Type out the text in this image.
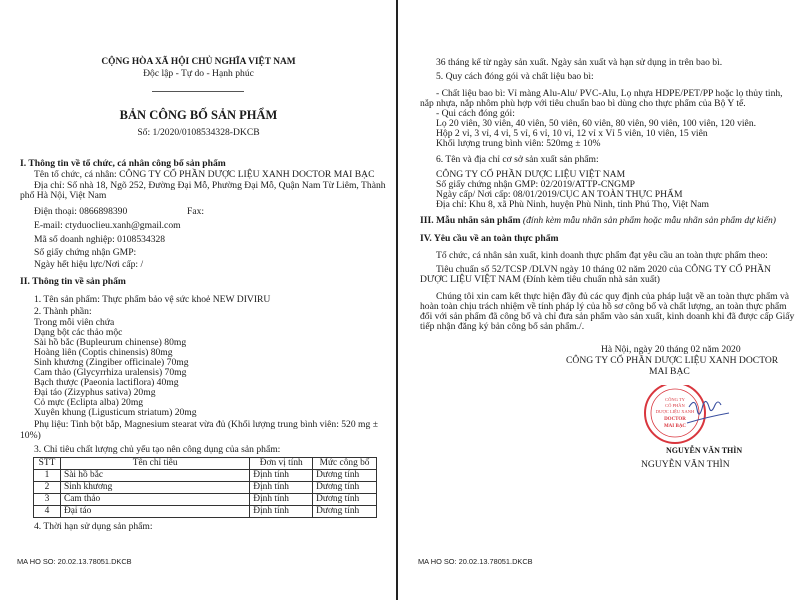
CỘNG HÒA XÃ HỘI CHỦ NGHĨA VIỆT NAM
Độc lập - Tự do - Hạnh phúc
BẢN CÔNG BỐ SẢN PHẨM
Số: 1/2020/0108534328-DKCB
I. Thông tin về tổ chức, cá nhân công bố sản phẩm
Tên tổ chức, cá nhân: CÔNG TY CỔ PHẦN DƯỢC LIỆU XANH DOCTOR MAI BẠC
Địa chỉ: Số nhà 18, Ngõ 252, Đường Đại Mỗ, Phường Đại Mỗ, Quận Nam Từ Liêm, Thành
phố Hà Nội, Việt Nam
Điện thoại: 0866898390	Fax:
E-mail: ctyduoclieu.xanh@gmail.com
Mã số doanh nghiệp: 0108534328
Số giấy chứng nhận GMP:
Ngày hết hiệu lực/Nơi cấp: /
II. Thông tin về sản phẩm
1. Tên sản phẩm: Thực phẩm bảo vệ sức khoẻ NEW DIVIRU
2. Thành phần:
Trong mỗi viên chứa
Dạng bột các thảo mộc
Sài hồ bắc (Bupleurum chinense) 80mg
Hoàng liên (Coptis chinensis) 80mg
Sinh khương (Zingiber officinale) 70mg
Cam thảo (Glycyrrhiza uralensis) 70mg
Bạch thược (Paeonia lactiflora) 40mg
Đại táo (Zizyphus sativa) 20mg
Cỏ mực (Eclipta alba) 20mg
Xuyên khung (Ligusticum striatum) 20mg
Phụ liệu: Tinh bột bắp, Magnesium stearat vừa đủ (Khối lượng trung bình viên: 520 mg ±
10%)
3. Chỉ tiêu chất lượng chủ yếu tạo nên công dụng của sản phẩm:
STT	Tên chỉ tiêu	Đơn vị tính	Mức công bố
1	Sài hồ bắc	Định tính	Dương tính
2	Sinh khương	Định tính	Dương tính
3	Cam thảo	Định tính	Dương tính
4	Đại táo	Định tính	Dương tính
4. Thời hạn sử dụng sản phẩm:
MA HO SO: 20.02.13.78051.DKCB
36 tháng kể từ ngày sản xuất. Ngày sản xuất và hạn sử dụng in trên bao bì.
5. Quy cách đóng gói và chất liệu bao bì:
- Chất liệu bao bì: Vỉ màng Alu-Alu/ PVC-Alu, Lọ nhựa HDPE/PET/PP hoặc lọ thủy tinh,
nắp nhựa, nắp nhôm phù hợp với tiêu chuẩn bao bì dùng cho thực phẩm của Bộ Y tế.
- Qui cách đóng gói:
Lọ 20 viên, 30 viên, 40 viên, 50 viên, 60 viên, 80 viên, 90 viên, 100 viên, 120 viên.
Hộp 2 vỉ, 3 vỉ, 4 vỉ, 5 vỉ, 6 vỉ, 10 vỉ, 12 vỉ x Vỉ 5 viên, 10 viên, 15 viên
Khối lượng trung bình viên: 520mg ± 10%
6. Tên và địa chỉ cơ sở sản xuất sản phẩm:
CÔNG TY CỔ PHẦN DƯỢC LIỆU VIỆT NAM
Số giấy chứng nhận GMP: 02/2019/ATTP-CNGMP
Ngày cấp/ Nơi cấp: 08/01/2019/CỤC AN TOÀN THỰC PHẨM
Địa chỉ: Khu 8, xã Phù Ninh, huyện Phù Ninh, tỉnh Phú Thọ, Việt Nam
III. Mẫu nhãn sản phẩm (đính kèm mẫu nhãn sản phẩm hoặc mẫu nhãn sản phẩm dự kiến)
IV. Yêu cầu về an toàn thực phẩm
Tổ chức, cá nhân sản xuất, kinh doanh thực phẩm đạt yêu cầu an toàn thực phẩm theo:
Tiêu chuẩn số 52/TCSP /DLVN ngày 10 tháng 02 năm 2020 của CÔNG TY CỔ PHẦN
DƯỢC LIỆU VIỆT NAM (Đính kèm tiêu chuẩn nhà sản xuất)
Chúng tôi xin cam kết thực hiện đầy đủ các quy định của pháp luật về an toàn thực phẩm và
hoàn toàn chịu trách nhiệm về tính pháp lý của hồ sơ công bố và chất lượng, an toàn thực phẩm
đối với sản phẩm đã công bố và chỉ đưa sản phẩm vào sản xuất, kinh doanh khi đã được cấp Giấy
tiếp nhận đăng ký bản công bố sản phẩm./.
Hà Nội, ngày 20 tháng 02 năm 2020
CÔNG TY CỔ PHẦN DƯỢC LIỆU XANH DOCTOR
MAI BẠC
NGUYỄN VĂN THÌN
NGUYỄN VĂN THÌN
MA HO SO: 20.02.13.78051.DKCB
CÔNG TY
CỔ PHẦN
DƯỢC LIỆU XANH
DOCTOR
MAI BẠC
